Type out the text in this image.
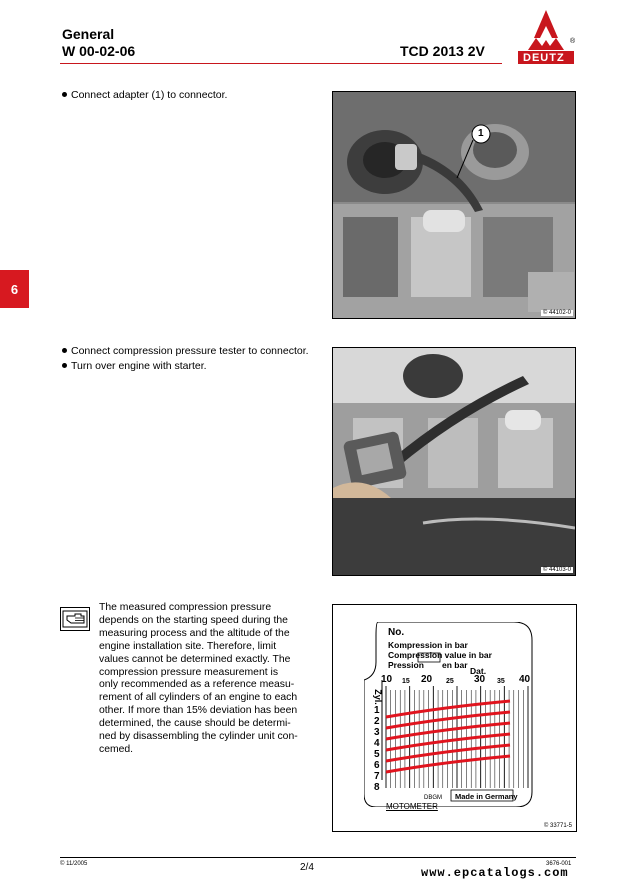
General
W 00-02-06	TCD 2013 2V	DEUTZ
®
6
Connect adapter (1) to connector.
1
© 44102-0
Connect compression pressure tester to connector.
Turn over engine with starter.
© 44103-0
The measured compression pressure
depends on the starting speed during the
measuring process and the altitude of the
engine installation site. Therefore, limit
values cannot be determined exactly. The
compression pressure measurement is
only recommended as a reference measu-
rement of all cylinders of an engine to each
other. If more than 15% deviation has been
determined, the cause should be determi-
ned by disassembling the cylinder unit con-
cemed.
© 33771-5
No.
Kompression in bar
Compression value in bar
Pression en bar
Dat.
10 15 20 25 30 35 40
Zyl.
1
2
3
4
5
6
7
8
DBGM Made in Germany
MOTOMETER
© 11/2005	2/4	3676-001
www.epcatalogs.com
